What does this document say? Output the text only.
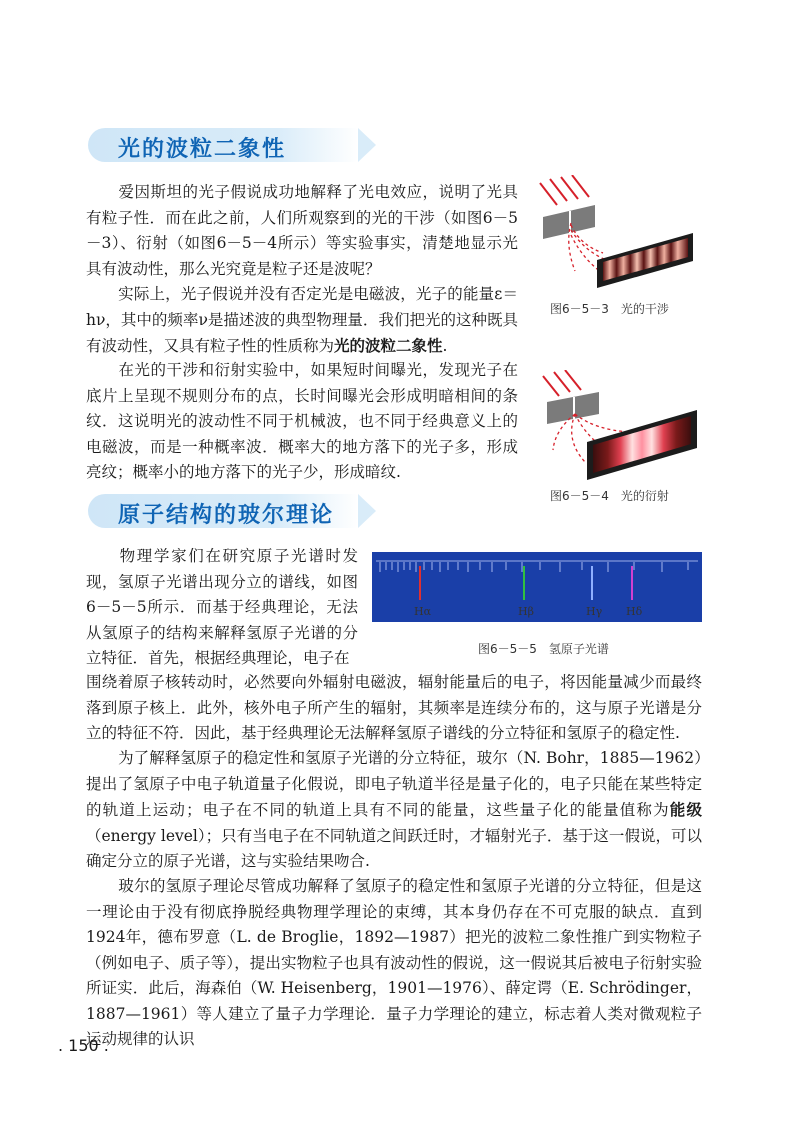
光的波粒二象性

爱因斯坦的光子假说成功地解释了光电效应，说明了光具有粒子性．而在此之前，人们所观察到的光的干涉（如图6－5－3）、衍射（如图6－5－4所示）等实验事实，清楚地显示光具有波动性，那么光究竟是粒子还是波呢？

实际上，光子假说并没有否定光是电磁波，光子的能量ε＝hν，其中的频率ν是描述波的典型物理量．我们把光的这种既具有波动性，又具有粒子性的性质称为光的波粒二象性.

在光的干涉和衍射实验中，如果短时间曝光，发现光子在底片上呈现不规则分布的点，长时间曝光会形成明暗相间的条纹．这说明光的波动性不同于机械波，也不同于经典意义上的电磁波，而是一种概率波．概率大的地方落下的光子多，形成亮纹；概率小的地方落下的光子少，形成暗纹.

图6－5－3　光的干涉
图6－5－4　光的衍射
原子结构的玻尔理论

物理学家们在研究原子光谱时发现，氢原子光谱出现分立的谱线，如图6－5－5所示．而基于经典理论，无法从氢原子的结构来解释氢原子光谱的分立特征．首先，根据经典理论，电子在

Hα	Hβ	Hγ Hδ
图6－5－5　氢原子光谱

围绕着原子核转动时，必然要向外辐射电磁波，辐射能量后的电子，将因能量减少而最终落到原子核上．此外，核外电子所产生的辐射，其频率是连续分布的，这与原子光谱是分立的特征不符．因此，基于经典理论无法解释氢原子谱线的分立特征和氢原子的稳定性.

为了解释氢原子的稳定性和氢原子光谱的分立特征，玻尔（N. Bohr，1885—1962）提出了氢原子中电子轨道量子化假说，即电子轨道半径是量子化的，电子只能在某些特定的轨道上运动；电子在不同的轨道上具有不同的能量，这些量子化的能量值称为能级（energy level）；只有当电子在不同轨道之间跃迁时，才辐射光子．基于这一假说，可以确定分立的原子光谱，这与实验结果吻合.

玻尔的氢原子理论尽管成功解释了氢原子的稳定性和氢原子光谱的分立特征，但是这一理论由于没有彻底挣脱经典物理学理论的束缚，其本身仍存在不可克服的缺点．直到1924年，德布罗意（L. de Broglie，1892—1987）把光的波粒二象性推广到实物粒子（例如电子、质子等），提出实物粒子也具有波动性的假说，这一假说其后被电子衍射实验所证实．此后，海森伯（W. Heisenberg，1901—1976）、薛定谔（E. Schrödinger，1887—1961）等人建立了量子力学理论．量子力学理论的建立，标志着人类对微观粒子运动规律的认识

. 150 .
